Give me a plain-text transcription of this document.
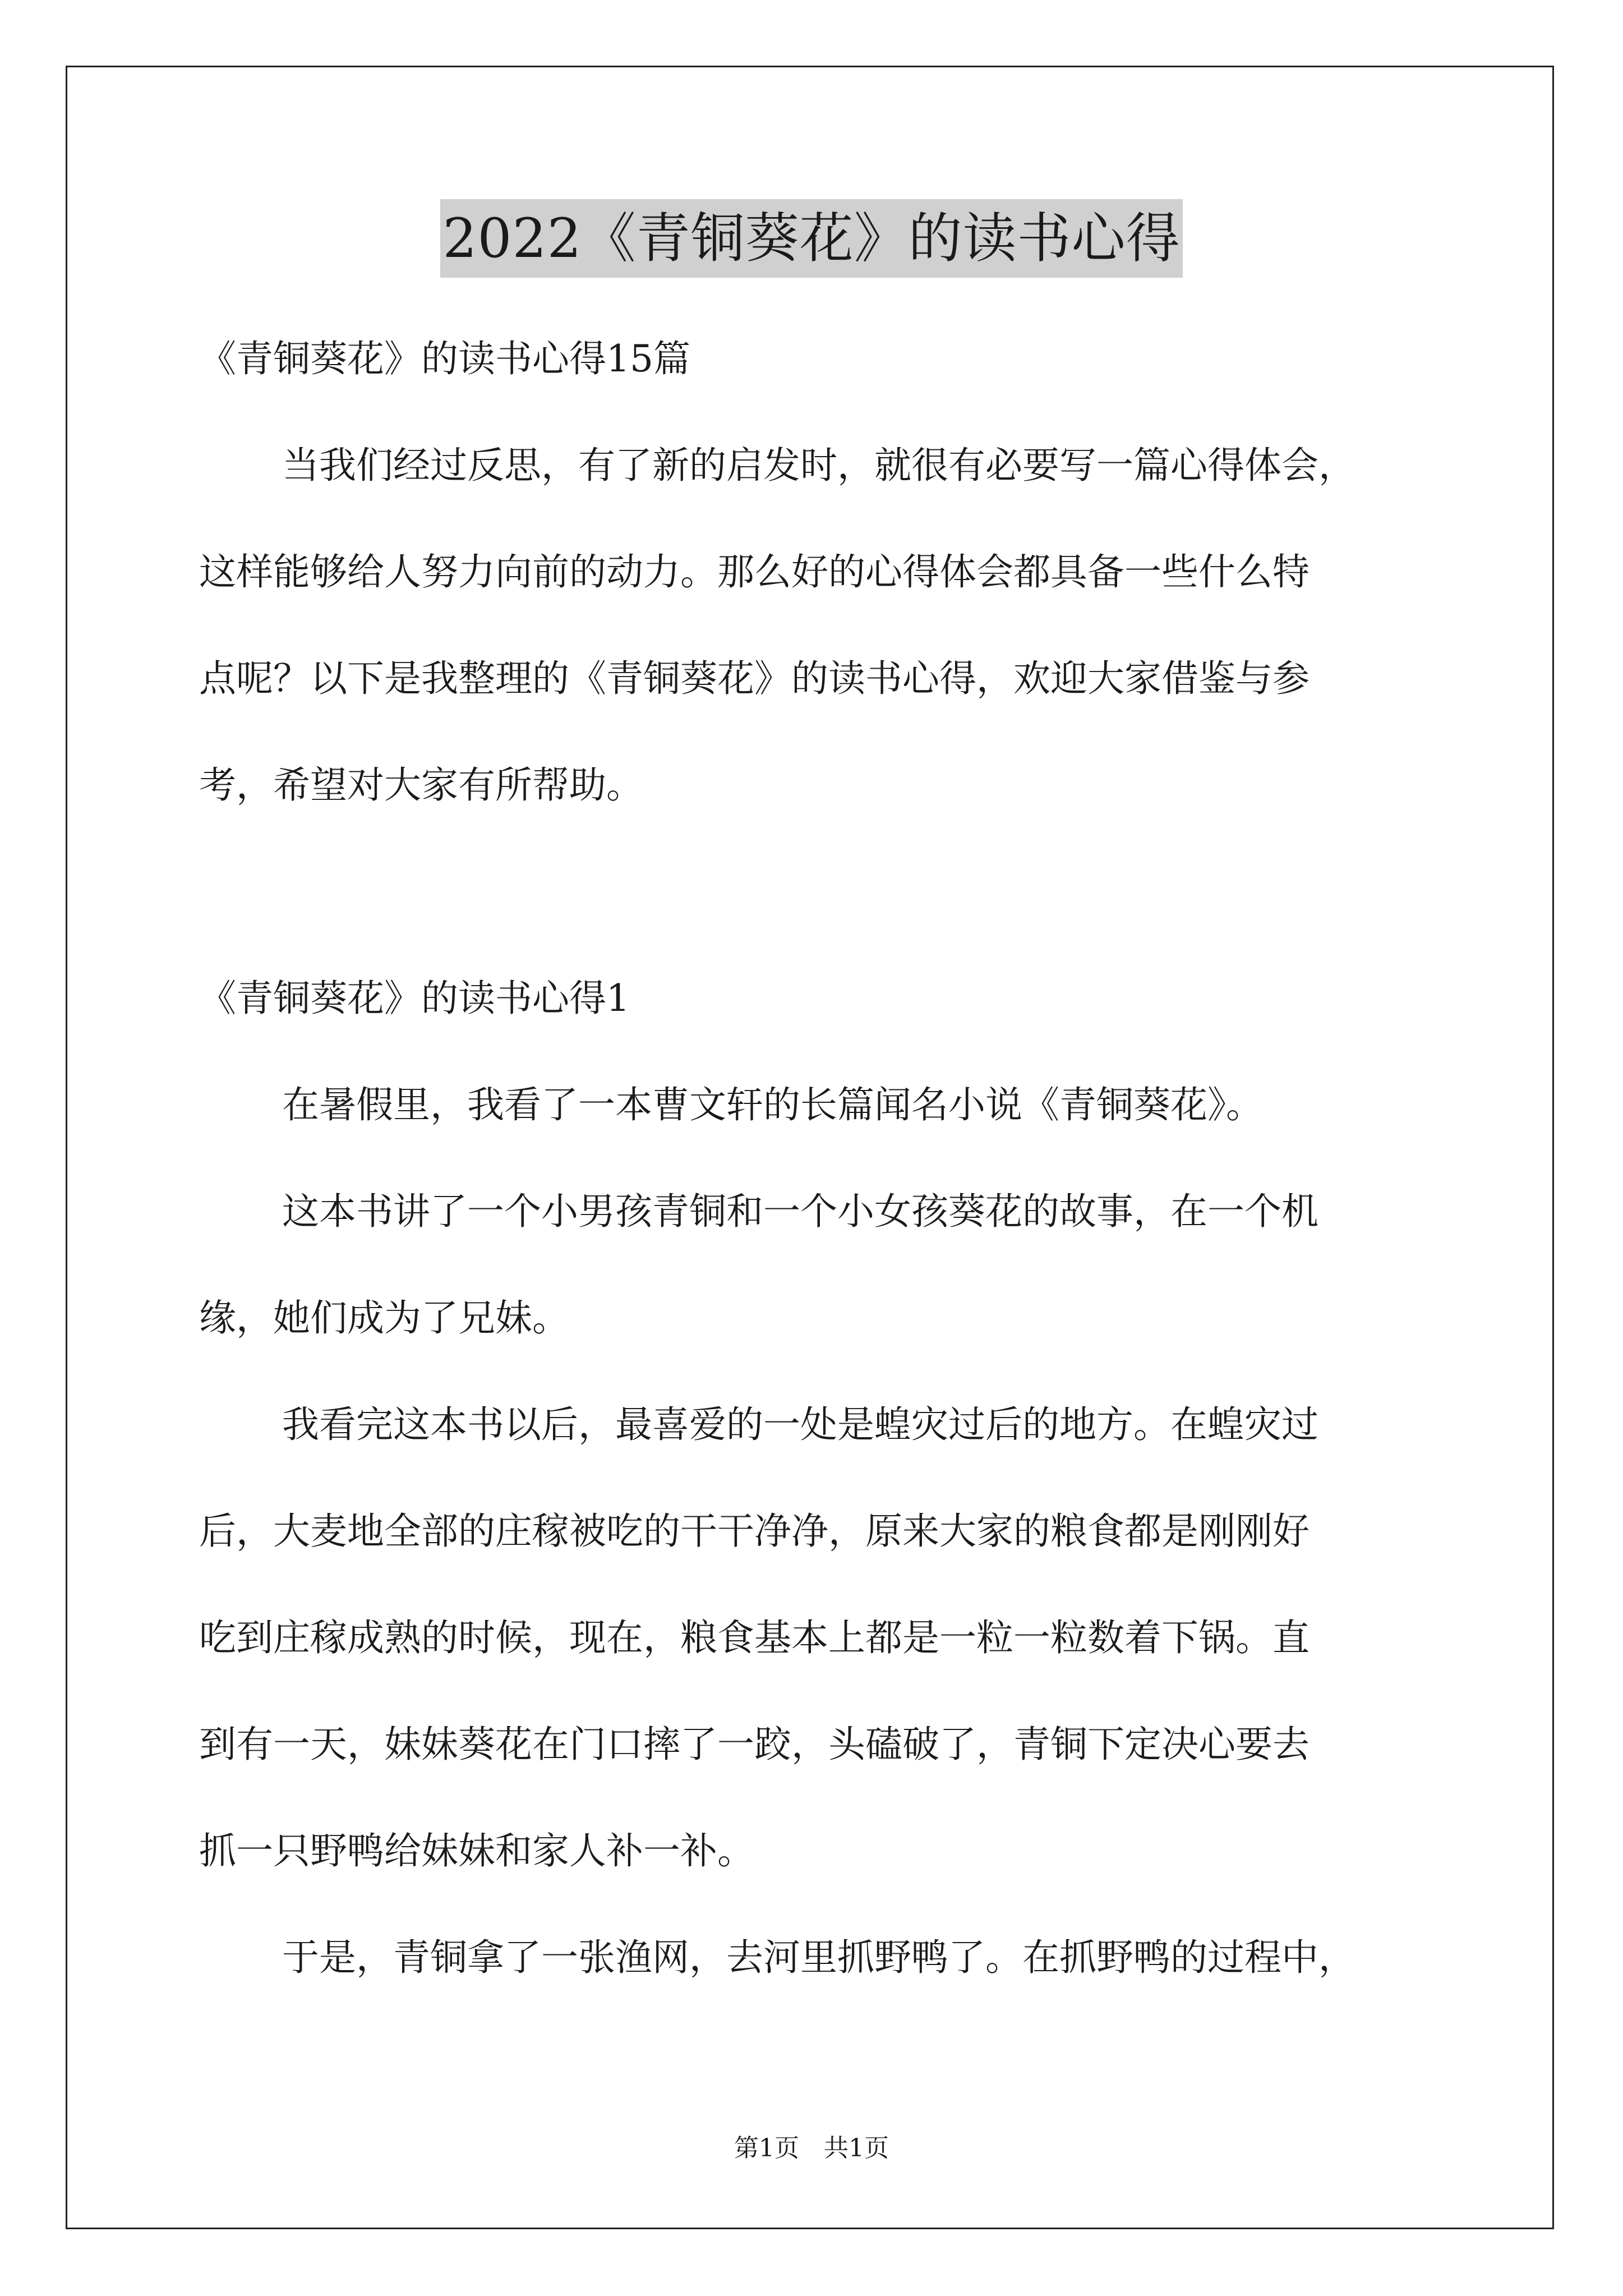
2022《青铜葵花》的读书心得

《青铜葵花》的读书心得15篇

当我们经过反思，有了新的启发时，就很有必要写一篇心得体会，

这样能够给人努力向前的动力。那么好的心得体会都具备一些什么特

点呢？以下是我整理的《青铜葵花》的读书心得，欢迎大家借鉴与参

考，希望对大家有所帮助。

《青铜葵花》的读书心得1

在暑假里，我看了一本曹文轩的长篇闻名小说《青铜葵花》。

这本书讲了一个小男孩青铜和一个小女孩葵花的故事，在一个机

缘，她们成为了兄妹。

我看完这本书以后，最喜爱的一处是蝗灾过后的地方。在蝗灾过

后，大麦地全部的庄稼被吃的干干净净，原来大家的粮食都是刚刚好

吃到庄稼成熟的时候，现在，粮食基本上都是一粒一粒数着下锅。直

到有一天，妹妹葵花在门口摔了一跤，头磕破了，青铜下定决心要去

抓一只野鸭给妹妹和家人补一补。

于是，青铜拿了一张渔网，去河里抓野鸭了。在抓野鸭的过程中，

第1页　共1页
